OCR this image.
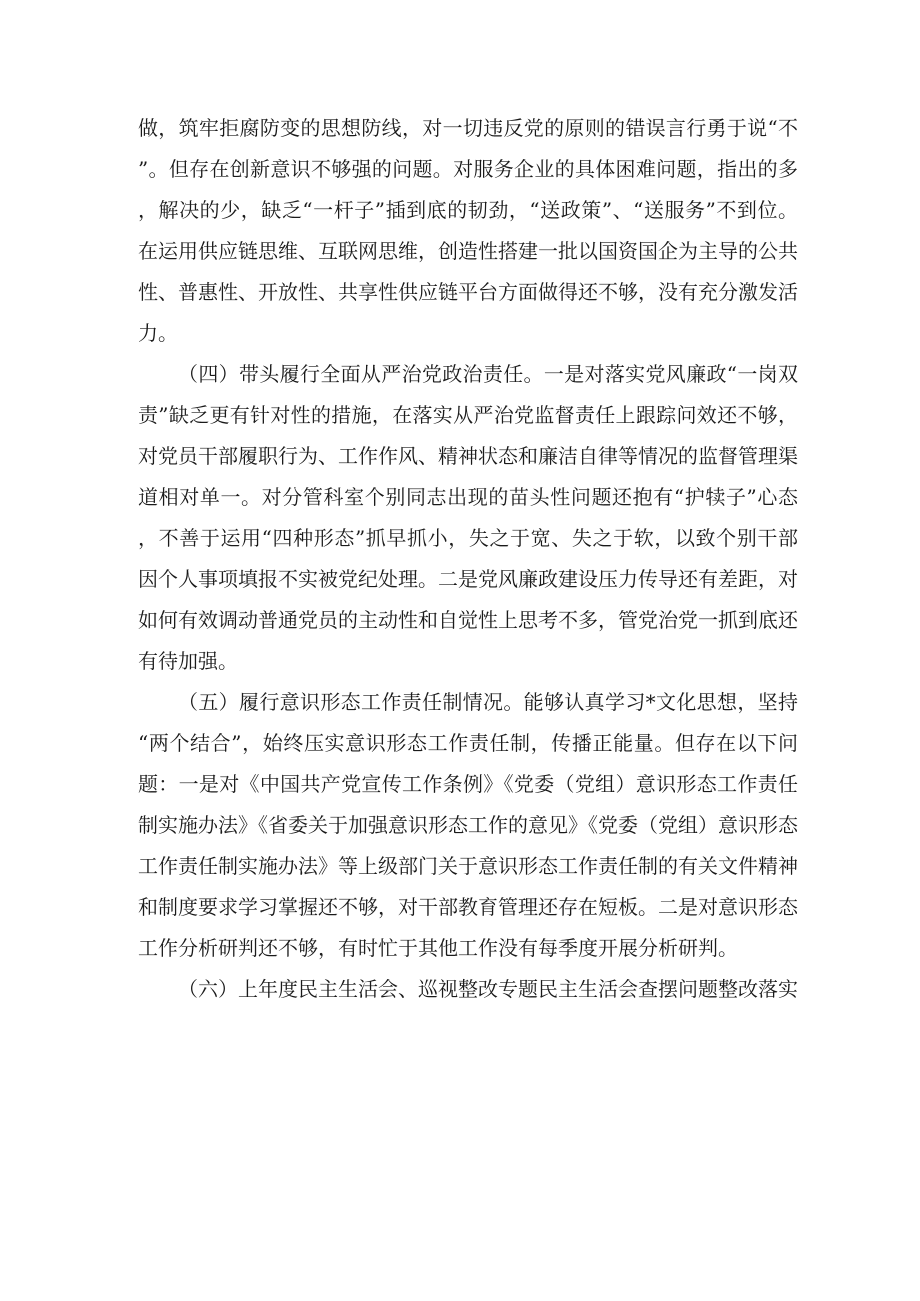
做，筑牢拒腐防变的思想防线，对一切违反党的原则的错误言行勇于说“不”。但存在创新意识不够强的问题。对服务企业的具体困难问题，指出的多，解决的少，缺乏“一杆子”插到底的韧劲，“送政策”、“送服务”不到位。在运用供应链思维、互联网思维，创造性搭建一批以国资国企为主导的公共性、普惠性、开放性、共享性供应链平台方面做得还不够，没有充分激发活力。

（四）带头履行全面从严治党政治责任。一是对落实党风廉政“一岗双责”缺乏更有针对性的措施，在落实从严治党监督责任上跟踪问效还不够，对党员干部履职行为、工作作风、精神状态和廉洁自律等情况的监督管理渠道相对单一。对分管科室个别同志出现的苗头性问题还抱有“护犊子”心态，不善于运用“四种形态”抓早抓小，失之于宽、失之于软，以致个别干部因个人事项填报不实被党纪处理。二是党风廉政建设压力传导还有差距，对如何有效调动普通党员的主动性和自觉性上思考不多，管党治党一抓到底还有待加强。

（五）履行意识形态工作责任制情况。能够认真学习*文化思想，坚持“两个结合”，始终压实意识形态工作责任制，传播正能量。但存在以下问题：一是对《中国共产党宣传工作条例》《党委（党组）意识形态工作责任制实施办法》《省委关于加强意识形态工作的意见》《党委（党组）意识形态工作责任制实施办法》等上级部门关于意识形态工作责任制的有关文件精神和制度要求学习掌握还不够，对干部教育管理还存在短板。二是对意识形态工作分析研判还不够，有时忙于其他工作没有每季度开展分析研判。

（六）上年度民主生活会、巡视整改专题民主生活会查摆问题整改落实
